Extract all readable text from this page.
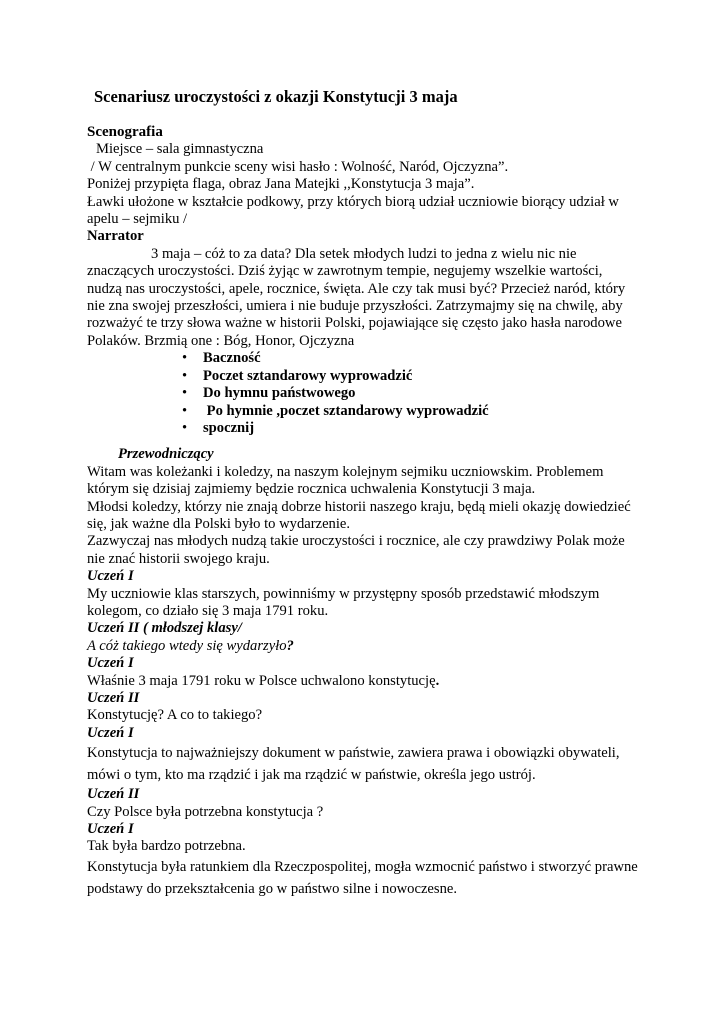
Scenariusz uroczystości z okazji Konstytucji 3 maja
Scenografia
Miejsce – sala gimnastyczna
/ W centralnym punkcie sceny wisi hasło : Wolność, Naród, Ojczyzna”.
Poniżej przypięta flaga, obraz Jana Matejki ,,Konstytucja 3 maja”.
Ławki ułożone w kształcie podkowy, przy których biorą udział uczniowie biorący udział w
apelu – sejmiku /
Narrator
3 maja – cóż to za data? Dla setek młodych ludzi to jedna z wielu nic nie
znaczących uroczystości. Dziś żyjąc w zawrotnym tempie, negujemy wszelkie wartości,
nudzą nas uroczystości, apele, rocznice, święta. Ale czy tak musi być? Przecież naród, który
nie zna swojej przeszłości, umiera i nie buduje przyszłości. Zatrzymajmy się na chwilę, aby
rozważyć te trzy słowa ważne w historii Polski, pojawiające się często jako hasła narodowe
Polaków. Brzmią one : Bóg, Honor, Ojczyzna
• Baczność
• Poczet sztandarowy wyprowadzić
• Do hymnu państwowego
• Po hymnie ,poczet sztandarowy wyprowadzić
• spocznij
Przewodniczący
Witam was koleżanki i koledzy, na naszym kolejnym sejmiku uczniowskim. Problemem
którym się dzisiaj zajmiemy będzie rocznica uchwalenia Konstytucji 3 maja.
Młodsi koledzy, którzy nie znają dobrze historii naszego kraju, będą mieli okazję dowiedzieć
się, jak ważne dla Polski było to wydarzenie.
Zazwyczaj nas młodych nudzą takie uroczystości i rocznice, ale czy prawdziwy Polak może
nie znać historii swojego kraju.
Uczeń I
My uczniowie klas starszych, powinniśmy w przystępny sposób przedstawić młodszym
kolegom, co działo się 3 maja 1791 roku.
Uczeń II ( młodszej klasy/
A cóż takiego wtedy się wydarzyło?
Uczeń I
Właśnie 3 maja 1791 roku w Polsce uchwalono konstytucję.
Uczeń II
Konstytucję? A co to takiego?
Uczeń I
Konstytucja to najważniejszy dokument w państwie, zawiera prawa i obowiązki obywateli,
mówi o tym, kto ma rządzić i jak ma rządzić w państwie, określa jego ustrój.
Uczeń II
Czy Polsce była potrzebna konstytucja ?
Uczeń I
Tak była bardzo potrzebna.
Konstytucja była ratunkiem dla Rzeczpospolitej, mogła wzmocnić państwo i stworzyć prawne
podstawy do przekształcenia go w państwo silne i nowoczesne.
